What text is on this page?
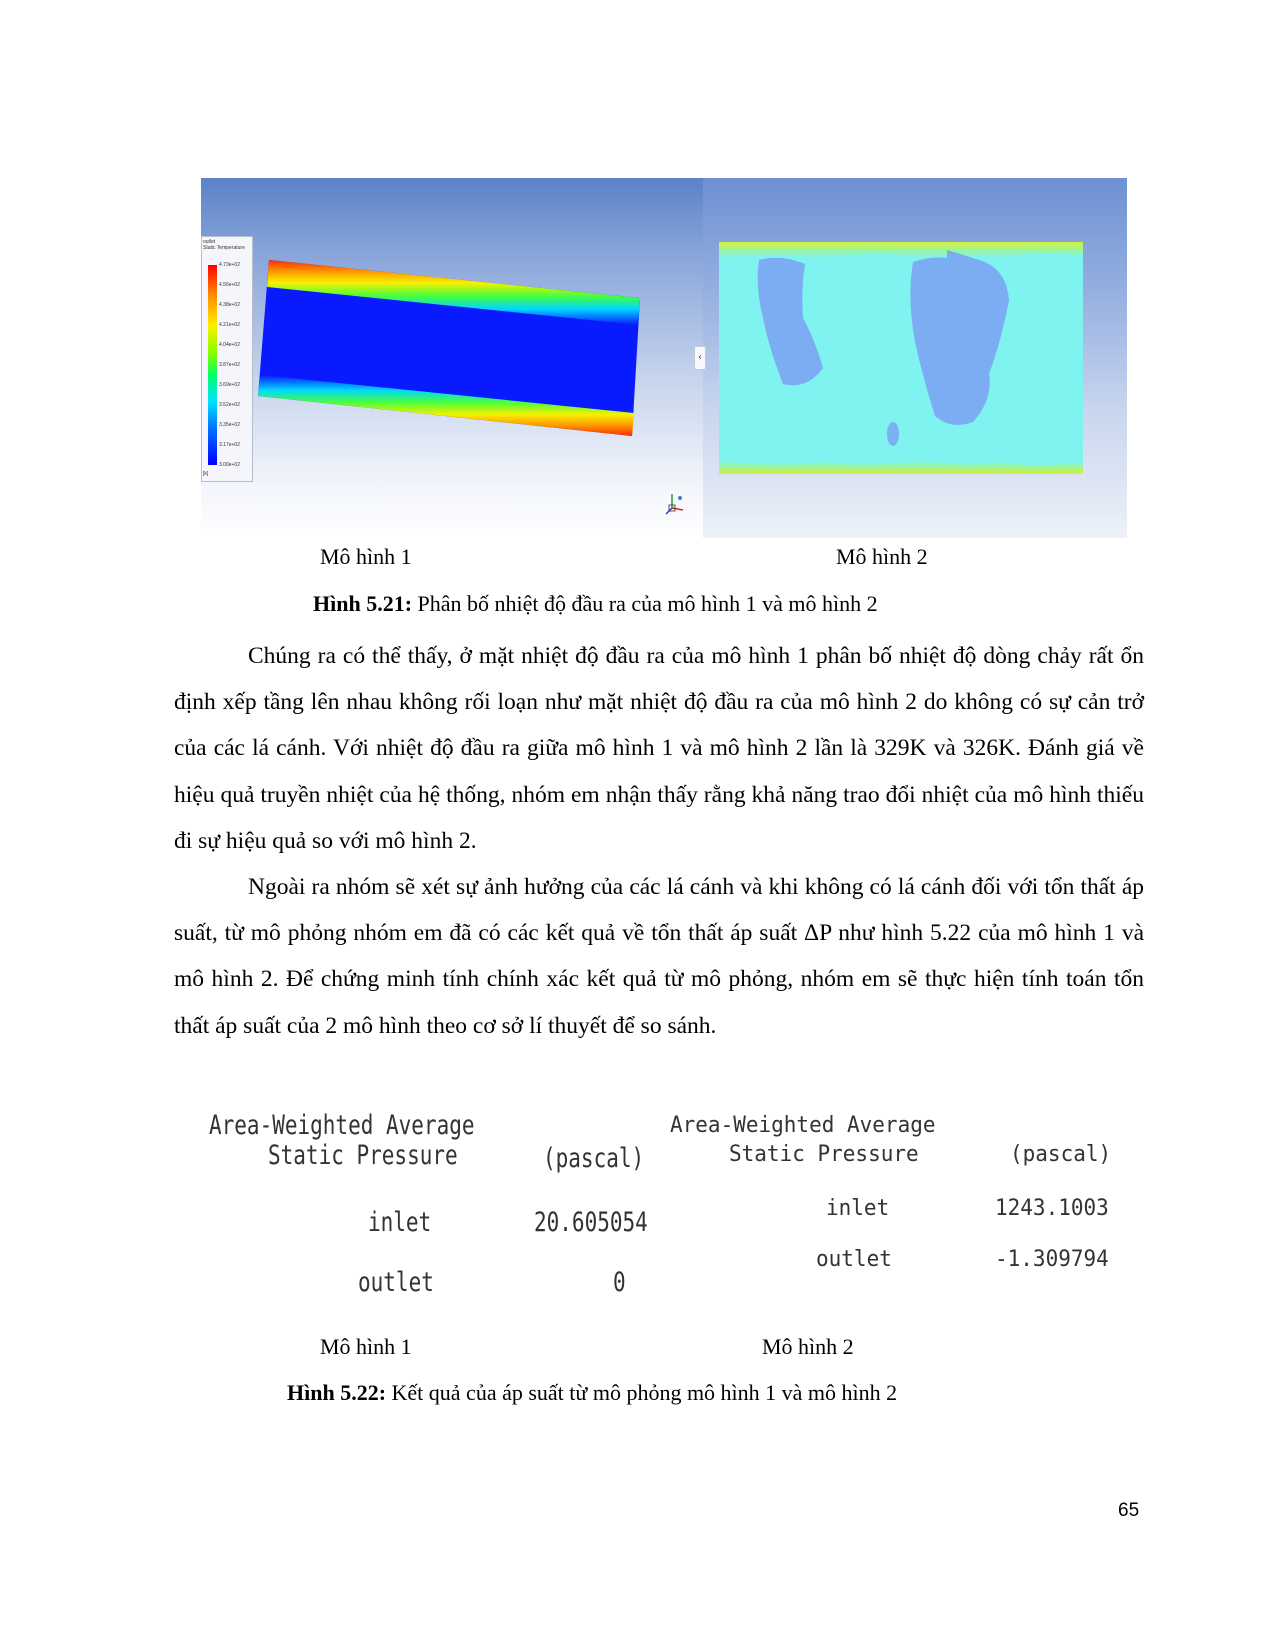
outlet
Static Temperature
4.73e+02
4.56e+02
4.38e+02
4.21e+02
4.04e+02
3.87e+02
3.69e+02
3.52e+02
3.35e+02
3.17e+02
3.00e+02
[k]
‹
Mô hình 1	Mô hình 2
Hình 5.21: Phân bố nhiệt độ đầu ra của mô hình 1 và mô hình 2

Chúng ra có thể thấy, ở mặt nhiệt độ đầu ra của mô hình 1 phân bố nhiệt độ dòng chảy rất ổn định xếp tầng lên nhau không rối loạn như mặt nhiệt độ đầu ra của mô hình 2 do không có sự cản trở của các lá cánh. Với nhiệt độ đầu ra giữa mô hình 1 và mô hình 2 lần là 329K và 326K. Đánh giá về hiệu quả truyền nhiệt của hệ thống, nhóm em nhận thấy rằng khả năng trao đổi nhiệt của mô hình thiếu đi sự hiệu quả so với mô hình 2.

Ngoài ra nhóm sẽ xét sự ảnh hưởng của các lá cánh và khi không có lá cánh đối với tổn thất áp suất, từ mô phỏng nhóm em đã có các kết quả về tổn thất áp suất ΔP như hình 5.22 của mô hình 1 và mô hình 2. Để chứng minh tính chính xác kết quả từ mô phỏng, nhóm em sẽ thực hiện tính toán tổn thất áp suất của 2 mô hình theo cơ sở lí thuyết để so sánh.

Area-Weighted Average
Static Pressure	(pascal)
inlet	20.605054
outlet	0
Area-Weighted Average
Static Pressure	(pascal)
inlet	1243.1003
outlet	-1.309794
Mô hình 1	Mô hình 2
Hình 5.22: Kết quả của áp suất từ mô phỏng mô hình 1 và mô hình 2
65
